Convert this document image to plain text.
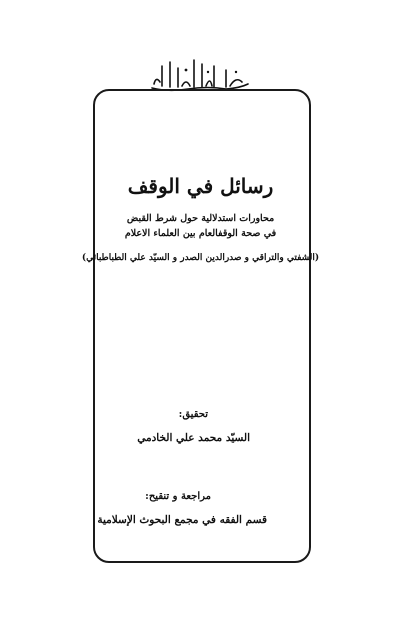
رسائل في الوقف
محاورات استدلالية حول شرط القبض
في صحة الوقفالعام بين العلماء الاعلام
(الشفتي والتراقي و صدرالدين الصدر و السيّد علي الطباطبائي)
تحقيق:
السيّد محمد علي الخادمي
مراجعة و تنقيح:
قسم الفقه في مجمع البحوث الإسلامية
